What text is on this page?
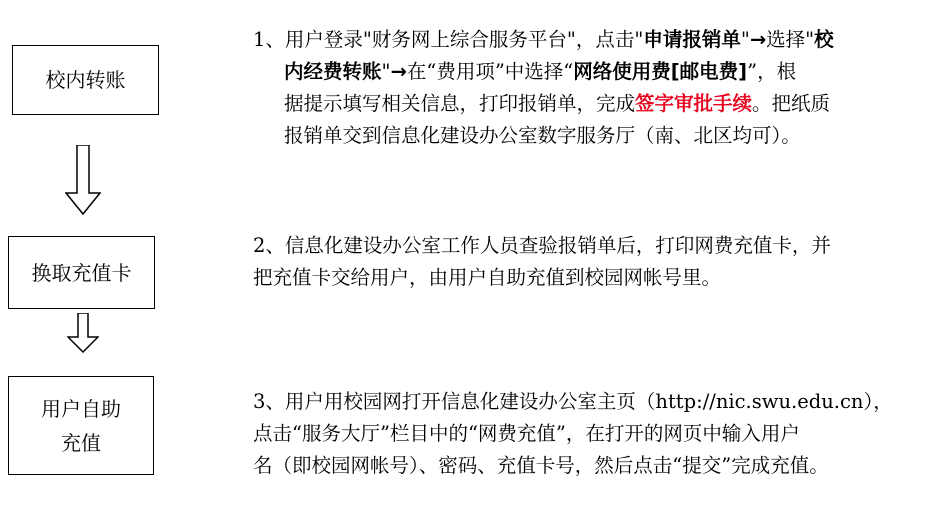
校内转账
换取充值卡
用户自助
充值

1、用户登录"财务网上综合服务平台"，点击"申请报销单"→选择"校
内经费转账"→在“费用项”中选择“网络使用费[邮电费]”，根
据提示填写相关信息，打印报销单，完成签字审批手续。把纸质
报销单交到信息化建设办公室数字服务厅（南、北区均可）。

2、信息化建设办公室工作人员查验报销单后，打印网费充值卡，并
把充值卡交给用户，由用户自助充值到校园网帐号里。

3、用户用校园网打开信息化建设办公室主页（http://nic.swu.edu.cn），
点击“服务大厅”栏目中的“网费充值”，在打开的网页中输入用户
名（即校园网帐号）、密码、充值卡号，然后点击“提交”完成充值。
